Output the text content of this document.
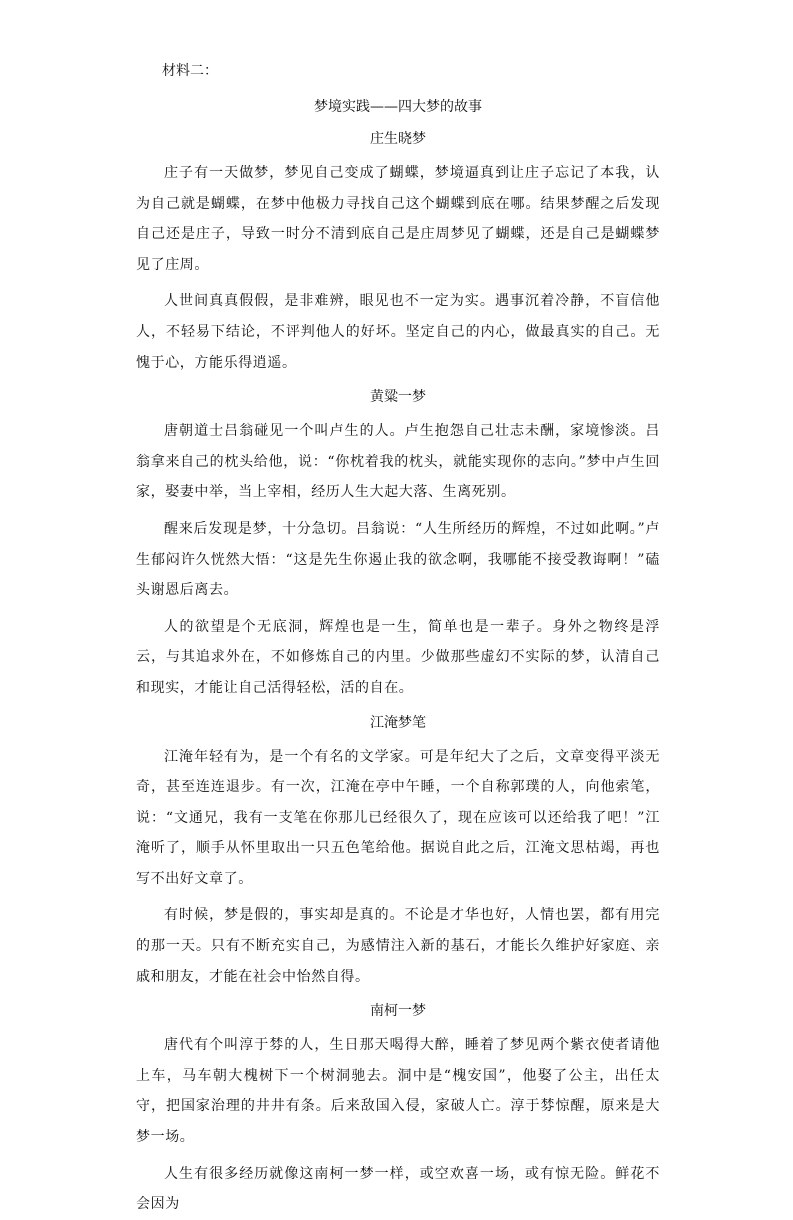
材料二：

梦境实践——四大梦的故事

庄生晓梦

庄子有一天做梦，梦见自己变成了蝴蝶，梦境逼真到让庄子忘记了本我，认为自己就是蝴蝶，在梦中他极力寻找自己这个蝴蝶到底在哪。结果梦醒之后发现自己还是庄子，导致一时分不清到底自己是庄周梦见了蝴蝶，还是自己是蝴蝶梦见了庄周。

人世间真真假假，是非难辨，眼见也不一定为实。遇事沉着冷静，不盲信他人，不轻易下结论，不评判他人的好坏。坚定自己的内心，做最真实的自己。无愧于心，方能乐得逍遥。

黄粱一梦

唐朝道士吕翁碰见一个叫卢生的人。卢生抱怨自己壮志未酬，家境惨淡。吕翁拿来自己的枕头给他，说：“你枕着我的枕头，就能实现你的志向。”梦中卢生回家，娶妻中举，当上宰相，经历人生大起大落、生离死别。

醒来后发现是梦，十分急切。吕翁说：“人生所经历的辉煌，不过如此啊。”卢生郁闷许久恍然大悟：“这是先生你遏止我的欲念啊，我哪能不接受教诲啊！”磕头谢恩后离去。

人的欲望是个无底洞，辉煌也是一生，简单也是一辈子。身外之物终是浮云，与其追求外在，不如修炼自己的内里。少做那些虚幻不实际的梦，认清自己和现实，才能让自己活得轻松，活的自在。

江淹梦笔

江淹年轻有为，是一个有名的文学家。可是年纪大了之后，文章变得平淡无奇，甚至连连退步。有一次，江淹在亭中午睡，一个自称郭璞的人，向他索笔，说：“文通兄，我有一支笔在你那儿已经很久了，现在应该可以还给我了吧！”江淹听了，顺手从怀里取出一只五色笔给他。据说自此之后，江淹文思枯竭，再也写不出好文章了。

有时候，梦是假的，事实却是真的。不论是才华也好，人情也罢，都有用完的那一天。只有不断充实自己，为感情注入新的基石，才能长久维护好家庭、亲戚和朋友，才能在社会中怡然自得。

南柯一梦

唐代有个叫淳于棼的人，生日那天喝得大醉，睡着了梦见两个紫衣使者请他上车，马车朝大槐树下一个树洞驰去。洞中是“槐安国”，他娶了公主，出任太守，把国家治理的井井有条。后来敌国入侵，家破人亡。淳于棼惊醒，原来是大梦一场。

人生有很多经历就像这南柯一梦一样，或空欢喜一场，或有惊无险。鲜花不会因为
